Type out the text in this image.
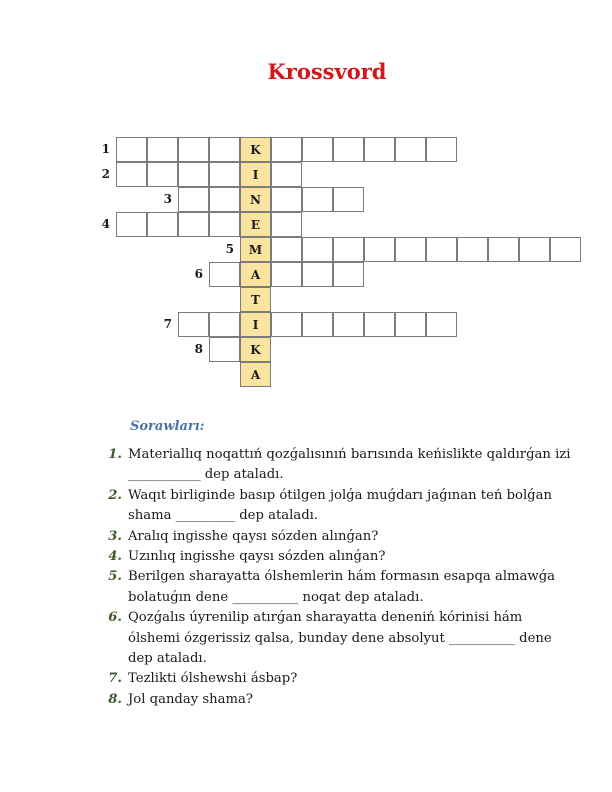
Krossvord
K
1
I
2
N
3
E
4
M
5
A
6
T
I
7
K
8
A
Sorawları:
1. Materiallıq noqattıń qozǵalısınıń barısında keńislikte qaldırǵan izi ___________ dep ataladı.
2. Waqıt birliginde basıp ótilgen jolǵa muǵdarı jaǵınan teń bolǵan shama _________ dep ataladı.
3. Aralıq ingisshe qaysı sózden alınǵan?
4. Uzınlıq ingisshe qaysı sózden alınǵan?
5. Berilgen sharayatta ólshemlerin hám formasın esapqa almawǵa bolatuǵın dene __________ noqat dep ataladı.
6. Qozǵalıs úyrenilip atırǵan sharayatta deneniń kórinisi hám ólshemi ózgerissiz qalsa, bunday dene absolyut __________ dene dep ataladı.
7. Tezlikti ólshewshi ásbap?
8. Jol qanday shama?
